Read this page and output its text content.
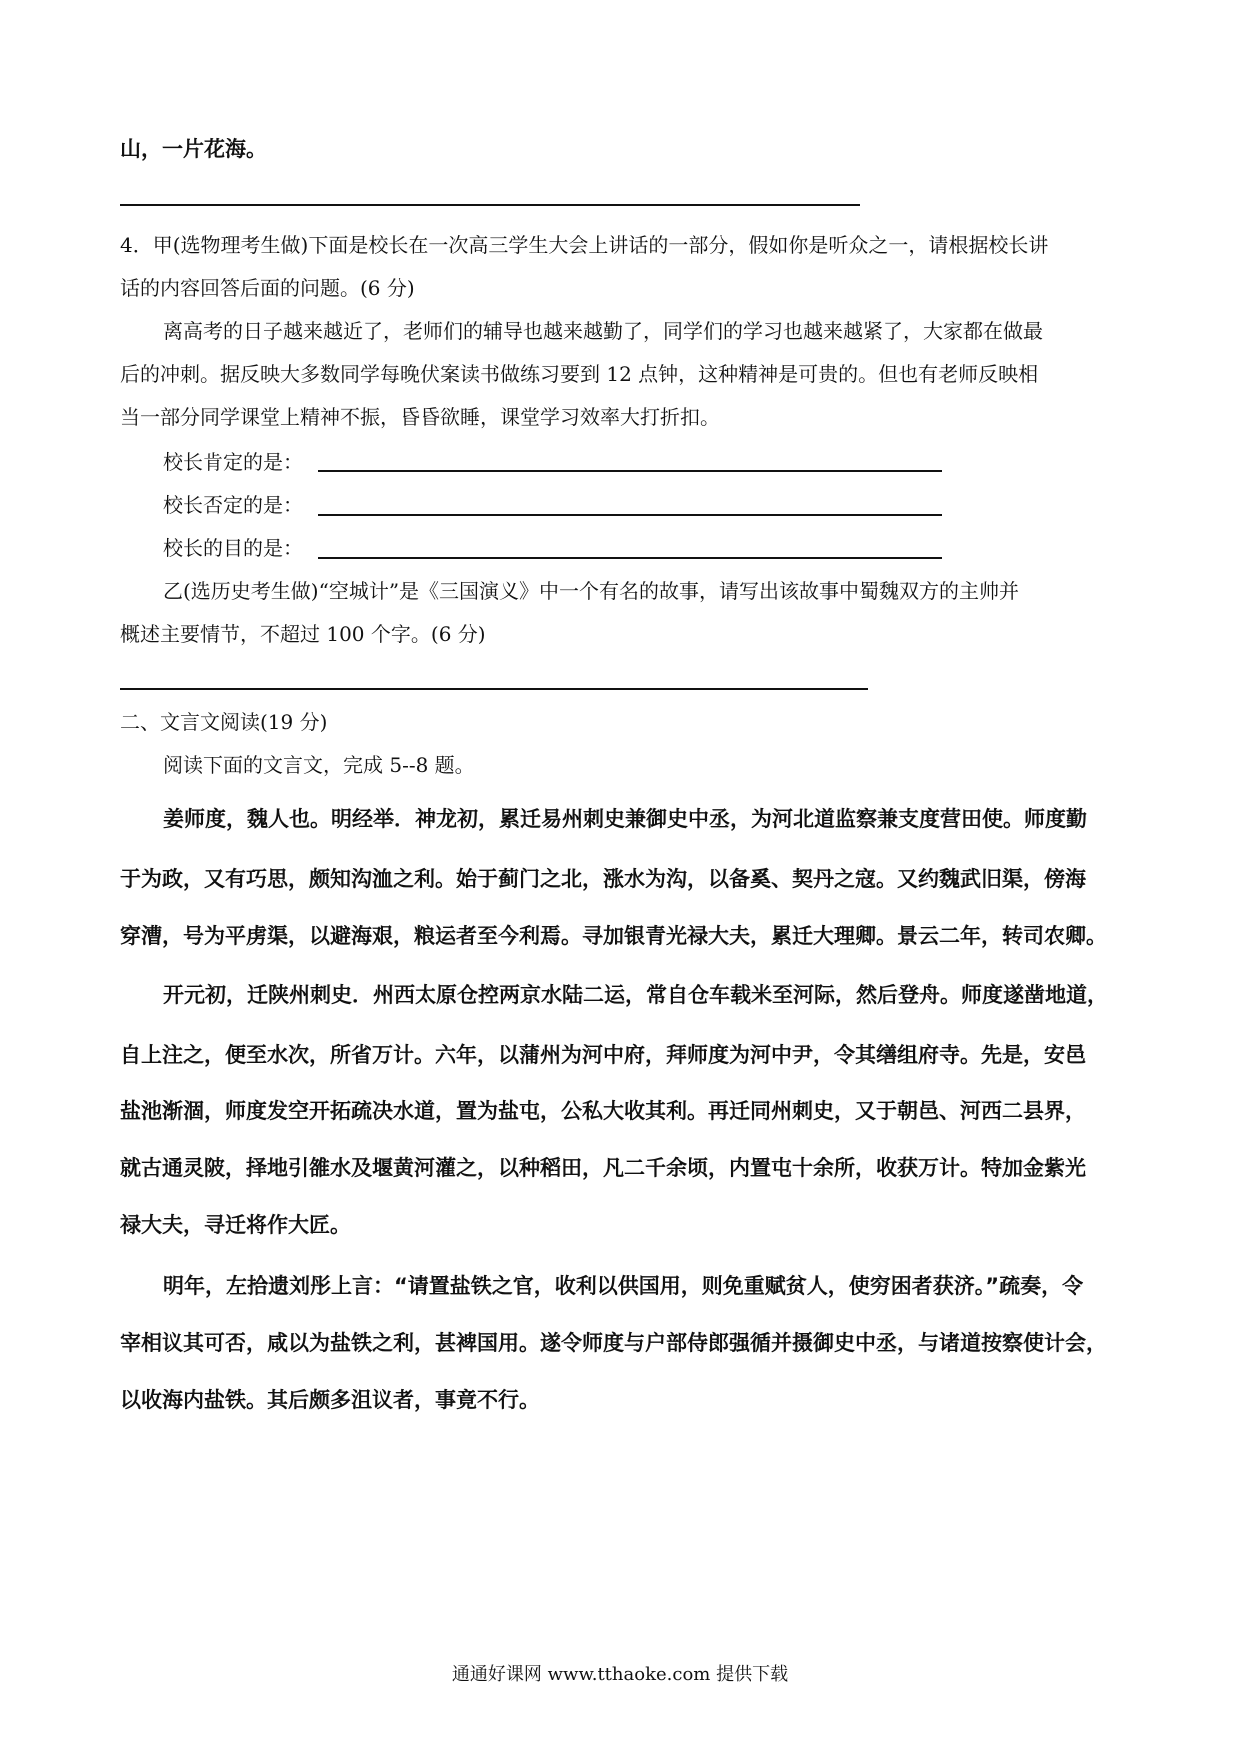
山，一片花海。
4．甲(选物理考生做)下面是校长在一次高三学生大会上讲话的一部分，假如你是听众之一，请根据校长讲
话的内容回答后面的问题。(6 分)
离高考的日子越来越近了，老师们的辅导也越来越勤了，同学们的学习也越来越紧了，大家都在做最
后的冲刺。据反映大多数同学每晚伏案读书做练习要到 12 点钟，这种精神是可贵的。但也有老师反映相
当一部分同学课堂上精神不振，昏昏欲睡，课堂学习效率大打折扣。
校长肯定的是：
校长否定的是：
校长的目的是：
乙(选历史考生做)“空城计”是《三国演义》中一个有名的故事，请写出该故事中蜀魏双方的主帅并
概述主要情节，不超过 100 个字。(6 分)
二、文言文阅读(19 分)
阅读下面的文言文，完成 5--8 题。
姜师度，魏人也。明经举．神龙初，累迁易州刺史兼御史中丞，为河北道监察兼支度营田使。师度勤
于为政，又有巧思，颇知沟洫之利。始于蓟门之北，涨水为沟，以备奚、契丹之寇。又约魏武旧渠，傍海
穿漕，号为平虏渠，以避海艰，粮运者至今利焉。寻加银青光禄大夫，累迁大理卿。景云二年，转司农卿。
开元初，迁陕州刺史．州西太原仓控两京水陆二运，常自仓车载米至河际，然后登舟。师度遂凿地道，
自上注之，便至水次，所省万计。六年，以蒲州为河中府，拜师度为河中尹，令其缮组府寺。先是，安邑
盐池渐涸，师度发空开拓疏决水道，置为盐屯，公私大收其利。再迁同州刺史，又于朝邑、河西二县界，
就古通灵陂，择地引雒水及堰黄河灌之，以种稻田，凡二千余顷，内置屯十余所，收获万计。特加金紫光
禄大夫，寻迁将作大匠。
明年，左拾遗刘彤上言：“请置盐铁之官，收利以供国用，则免重赋贫人，使穷困者获济。”疏奏，令
宰相议其可否，咸以为盐铁之利，甚裨国用。遂令师度与户部侍郎强循并摄御史中丞，与诸道按察使计会，
以收海内盐铁。其后颇多沮议者，事竟不行。
通通好课网 www.tthaoke.com 提供下载
